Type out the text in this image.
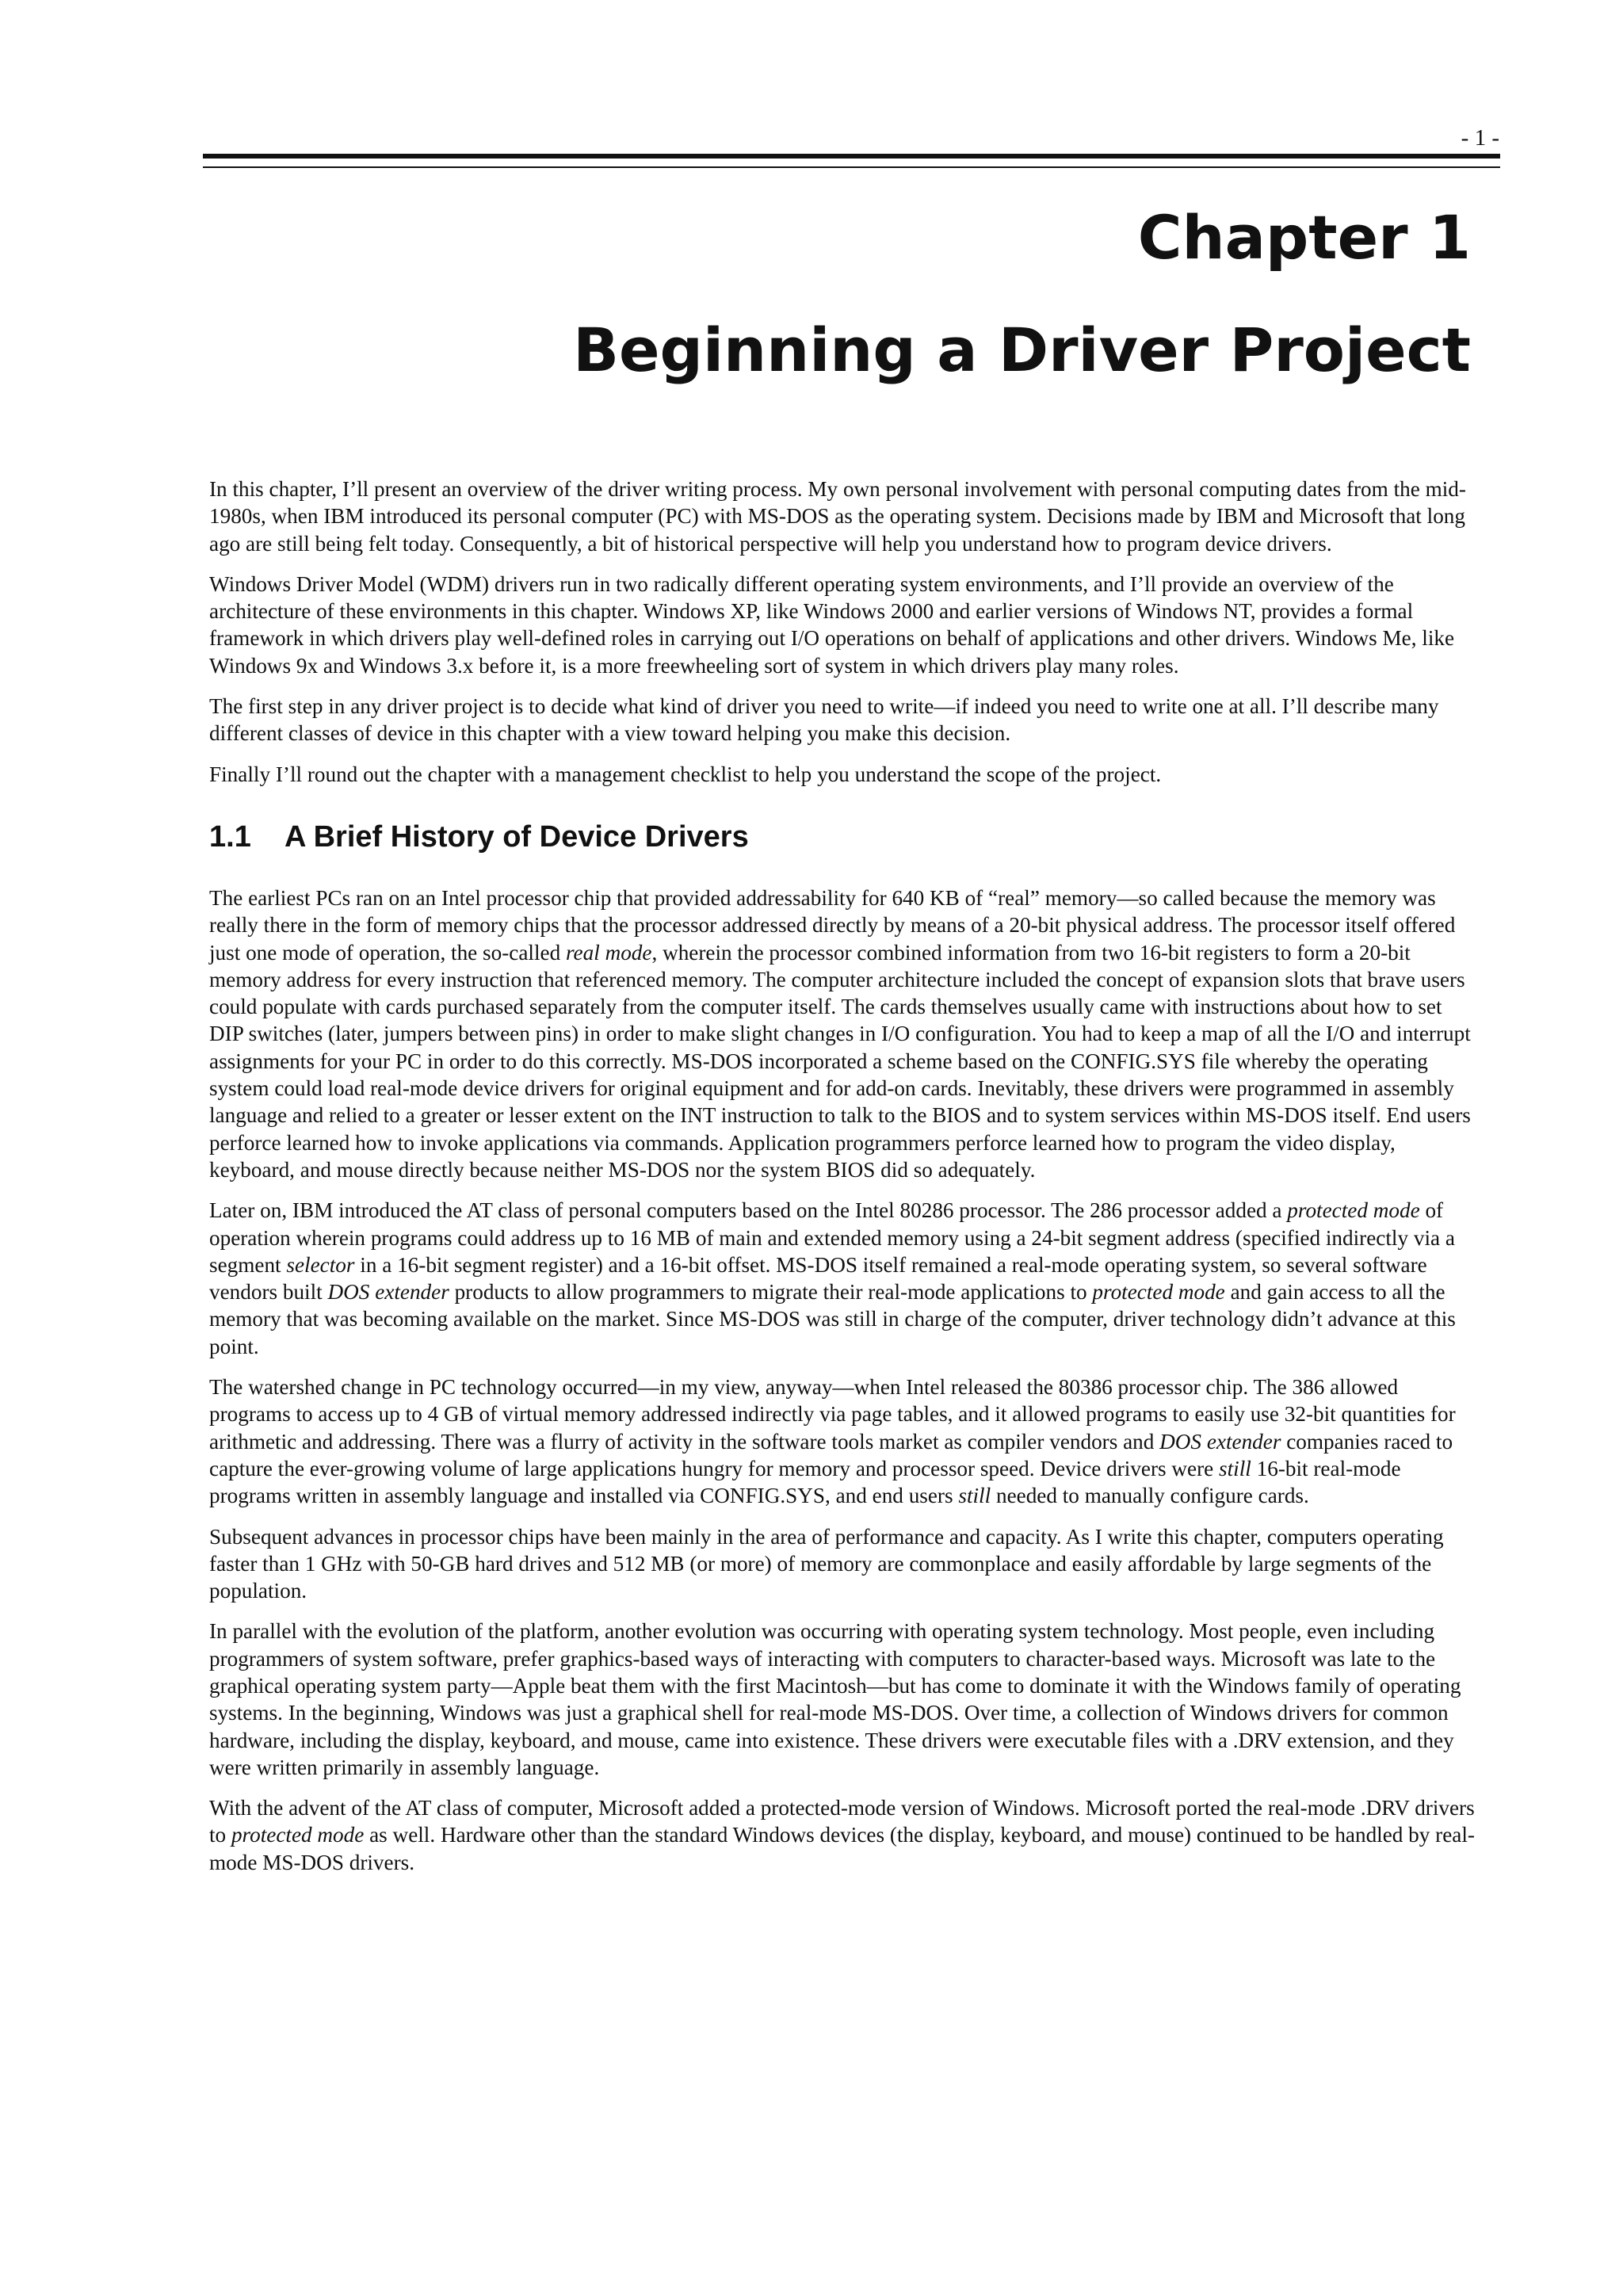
- 1 -
Chapter 1
Beginning a Driver Project

In this chapter, I’ll present an overview of the driver writing process. My own personal involvement with personal computing dates from the mid-1980s, when IBM introduced its personal computer (PC) with MS-DOS as the operating system. Decisions made by IBM and Microsoft that long ago are still being felt today. Consequently, a bit of historical perspective will help you understand how to program device drivers.

Windows Driver Model (WDM) drivers run in two radically different operating system environments, and I’ll provide an overview of the architecture of these environments in this chapter. Windows XP, like Windows 2000 and earlier versions of Windows NT, provides a formal framework in which drivers play well-defined roles in carrying out I/O operations on behalf of applications and other drivers. Windows Me, like Windows 9x and Windows 3.x before it, is a more freewheeling sort of system in which drivers play many roles.

The first step in any driver project is to decide what kind of driver you need to write—if indeed you need to write one at all. I’ll describe many different classes of device in this chapter with a view toward helping you make this decision.

Finally I’ll round out the chapter with a management checklist to help you understand the scope of the project.

1.1 A Brief History of Device Drivers

The earliest PCs ran on an Intel processor chip that provided addressability for 640 KB of “real” memory—so called because the memory was really there in the form of memory chips that the processor addressed directly by means of a 20-bit physical address. The processor itself offered just one mode of operation, the so-called real mode, wherein the processor combined information from two 16-bit registers to form a 20-bit memory address for every instruction that referenced memory. The computer architecture included the concept of expansion slots that brave users could populate with cards purchased separately from the computer itself. The cards themselves usually came with instructions about how to set DIP switches (later, jumpers between pins) in order to make slight changes in I/O configuration. You had to keep a map of all the I/O and interrupt assignments for your PC in order to do this correctly. MS-DOS incorporated a scheme based on the CONFIG.SYS file whereby the operating system could load real-mode device drivers for original equipment and for add-on cards. Inevitably, these drivers were programmed in assembly language and relied to a greater or lesser extent on the INT instruction to talk to the BIOS and to system services within MS-DOS itself. End users perforce learned how to invoke applications via commands. Application programmers perforce learned how to program the video display, keyboard, and mouse directly because neither MS-DOS nor the system BIOS did so adequately.

Later on, IBM introduced the AT class of personal computers based on the Intel 80286 processor. The 286 processor added a protected mode of operation wherein programs could address up to 16 MB of main and extended memory using a 24-bit segment address (specified indirectly via a segment selector in a 16-bit segment register) and a 16-bit offset. MS-DOS itself remained a real-mode operating system, so several software vendors built DOS extender products to allow programmers to migrate their real-mode applications to protected mode and gain access to all the memory that was becoming available on the market. Since MS-DOS was still in charge of the computer, driver technology didn’t advance at this point.

The watershed change in PC technology occurred—in my view, anyway—when Intel released the 80386 processor chip. The 386 allowed programs to access up to 4 GB of virtual memory addressed indirectly via page tables, and it allowed programs to easily use 32-bit quantities for arithmetic and addressing. There was a flurry of activity in the software tools market as compiler vendors and DOS extender companies raced to capture the ever-growing volume of large applications hungry for memory and processor speed. Device drivers were still 16-bit real-mode programs written in assembly language and installed via CONFIG.SYS, and end users still needed to manually configure cards.

Subsequent advances in processor chips have been mainly in the area of performance and capacity. As I write this chapter, computers operating faster than 1 GHz with 50-GB hard drives and 512 MB (or more) of memory are commonplace and easily affordable by large segments of the population.

In parallel with the evolution of the platform, another evolution was occurring with operating system technology. Most people, even including programmers of system software, prefer graphics-based ways of interacting with computers to character-based ways. Microsoft was late to the graphical operating system party—Apple beat them with the first Macintosh—but has come to dominate it with the Windows family of operating systems. In the beginning, Windows was just a graphical shell for real-mode MS-DOS. Over time, a collection of Windows drivers for common hardware, including the display, keyboard, and mouse, came into existence. These drivers were executable files with a .DRV extension, and they were written primarily in assembly language.

With the advent of the AT class of computer, Microsoft added a protected-mode version of Windows. Microsoft ported the real-mode .DRV drivers to protected mode as well. Hardware other than the standard Windows devices (the display, keyboard, and mouse) continued to be handled by real-mode MS-DOS drivers.
